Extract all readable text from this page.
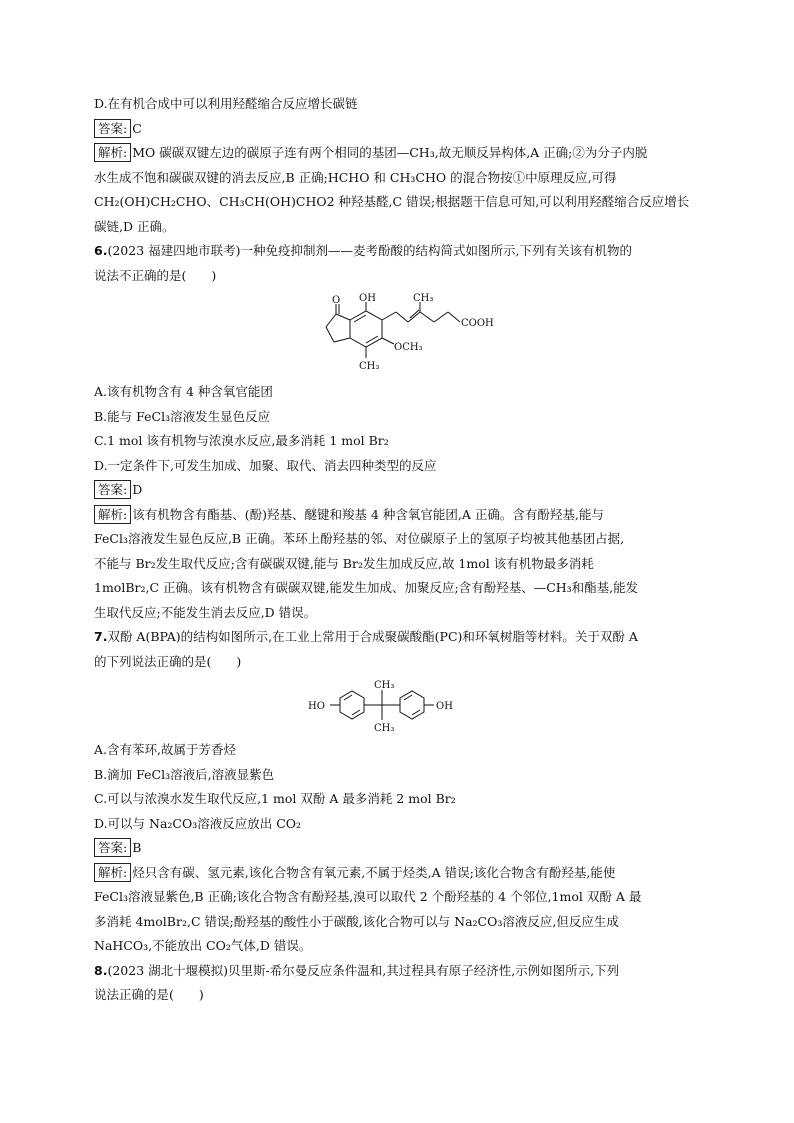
D.在有机合成中可以利用羟醛缩合反应增长碳链
答案: C
解析: MO 碳碳双键左边的碳原子连有两个相同的基团—CH₃,故无顺反异构体,A 正确;②为分子内脱
水生成不饱和碳碳双键的消去反应,B 正确;HCHO 和 CH₃CHO 的混合物按①中原理反应,可得
CH₂(OH)CH₂CHO、CH₃CH(OH)CHO2 种羟基醛,C 错误;根据题干信息可知,可以利用羟醛缩合反应增长
碳链,D 正确。
6.(2023 福建四地市联考)一种免疫抑制剂——麦考酚酸的结构简式如图所示,下列有关该有机物的
说法不正确的是(　　)
OH	CH₃
COOH
OCH₃
CH₃
O
A.该有机物含有 4 种含氧官能团
B.能与 FeCl₃溶液发生显色反应
C.1 mol 该有机物与浓溴水反应,最多消耗 1 mol Br₂
D.一定条件下,可发生加成、加聚、取代、消去四种类型的反应
答案: D
解析: 该有机物含有酯基、(酚)羟基、醚键和羧基 4 种含氧官能团,A 正确。含有酚羟基,能与
FeCl₃溶液发生显色反应,B 正确。苯环上酚羟基的邻、对位碳原子上的氢原子均被其他基团占据,
不能与 Br₂发生取代反应;含有碳碳双键,能与 Br₂发生加成反应,故 1mol 该有机物最多消耗
1molBr₂,C 正确。该有机物含有碳碳双键,能发生加成、加聚反应;含有酚羟基、—CH₃和酯基,能发
生取代反应;不能发生消去反应,D 错误。
7.双酚 A(BPA)的结构如图所示,在工业上常用于合成聚碳酸酯(PC)和环氧树脂等材料。关于双酚 A
的下列说法正确的是(　　)
HO	OH
CH₃
CH₃
A.含有苯环,故属于芳香烃
B.滴加 FeCl₃溶液后,溶液显紫色
C.可以与浓溴水发生取代反应,1 mol 双酚 A 最多消耗 2 mol Br₂
D.可以与 Na₂CO₃溶液反应放出 CO₂
答案: B
解析: 烃只含有碳、氢元素,该化合物含有氧元素,不属于烃类,A 错误;该化合物含有酚羟基,能使
FeCl₃溶液显紫色,B 正确;该化合物含有酚羟基,溴可以取代 2 个酚羟基的 4 个邻位,1mol 双酚 A 最
多消耗 4molBr₂,C 错误;酚羟基的酸性小于碳酸,该化合物可以与 Na₂CO₃溶液反应,但反应生成
NaHCO₃,不能放出 CO₂气体,D 错误。
8.(2023 湖北十堰模拟)贝里斯-希尔曼反应条件温和,其过程具有原子经济性,示例如图所示,下列
说法正确的是(　　)
